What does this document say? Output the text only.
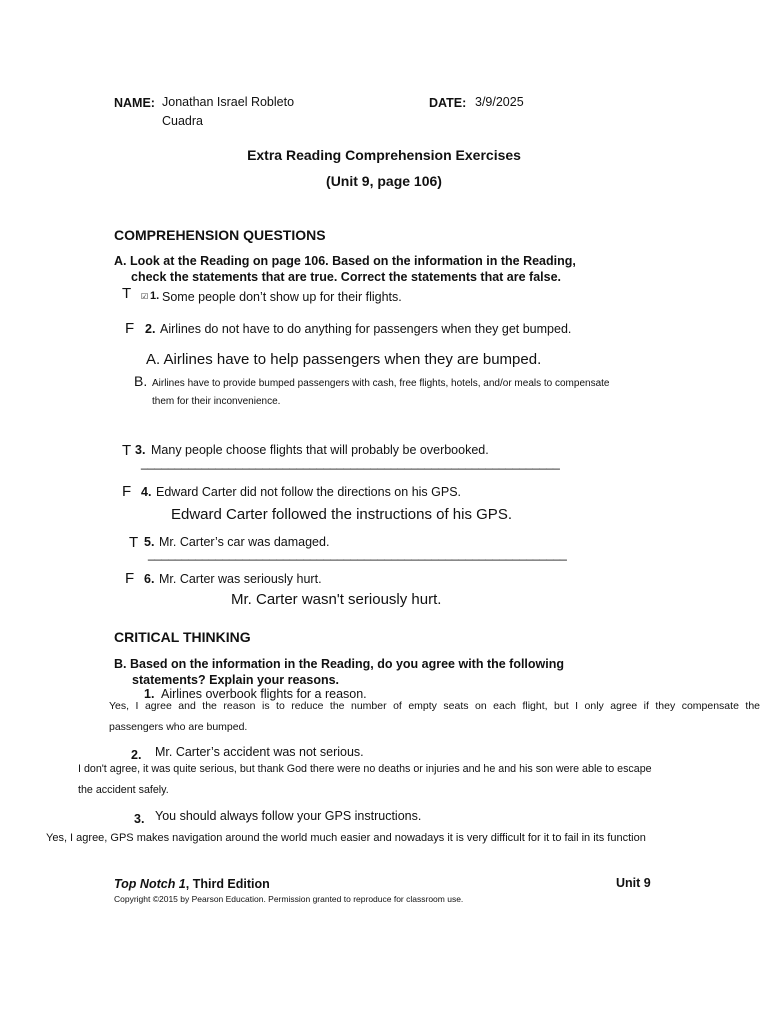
NAME: Jonathan Israel Robleto
Cuadra
DATE: 3/9/2025
Extra Reading Comprehension Exercises
(Unit 9, page 106)
COMPREHENSION QUESTIONS
A. Look at the Reading on page 106. Based on the information in the Reading,
check the statements that are true. Correct the statements that are false.
T ☑ 1. Some people don’t show up for their flights.
F 2. Airlines do not have to do anything for passengers when they get bumped.
A. Airlines have to help passengers when they are bumped.
B. Airlines have to provide bumped passengers with cash, free flights, hotels, and/or meals to compensate
them for their inconvenience.
T 3. Many people choose flights that will probably be overbooked.
______________________________________________________________
F 4. Edward Carter did not follow the directions on his GPS.
Edward Carter followed the instructions of his GPS.
T 5. Mr. Carter’s car was damaged.
______________________________________________________________
F 6. Mr. Carter was seriously hurt.
Mr. Carter wasn't seriously hurt.
CRITICAL THINKING
B. Based on the information in the Reading, do you agree with the following
statements? Explain your reasons.
1. Airlines overbook flights for a reason.
Yes, I agree and the reason is to reduce the number of empty seats on each flight, but I only agree if they compensate the
passengers who are bumped.
2. Mr. Carter’s accident was not serious.
I don't agree, it was quite serious, but thank God there were no deaths or injuries and he and his son were able to escape
the accident safely.
3. You should always follow your GPS instructions.
Yes, I agree, GPS makes navigation around the world much easier and nowadays it is very difficult for it to fail in its function
Top Notch 1, Third Edition	Unit 9
Copyright ©2015 by Pearson Education. Permission granted to reproduce for classroom use.
